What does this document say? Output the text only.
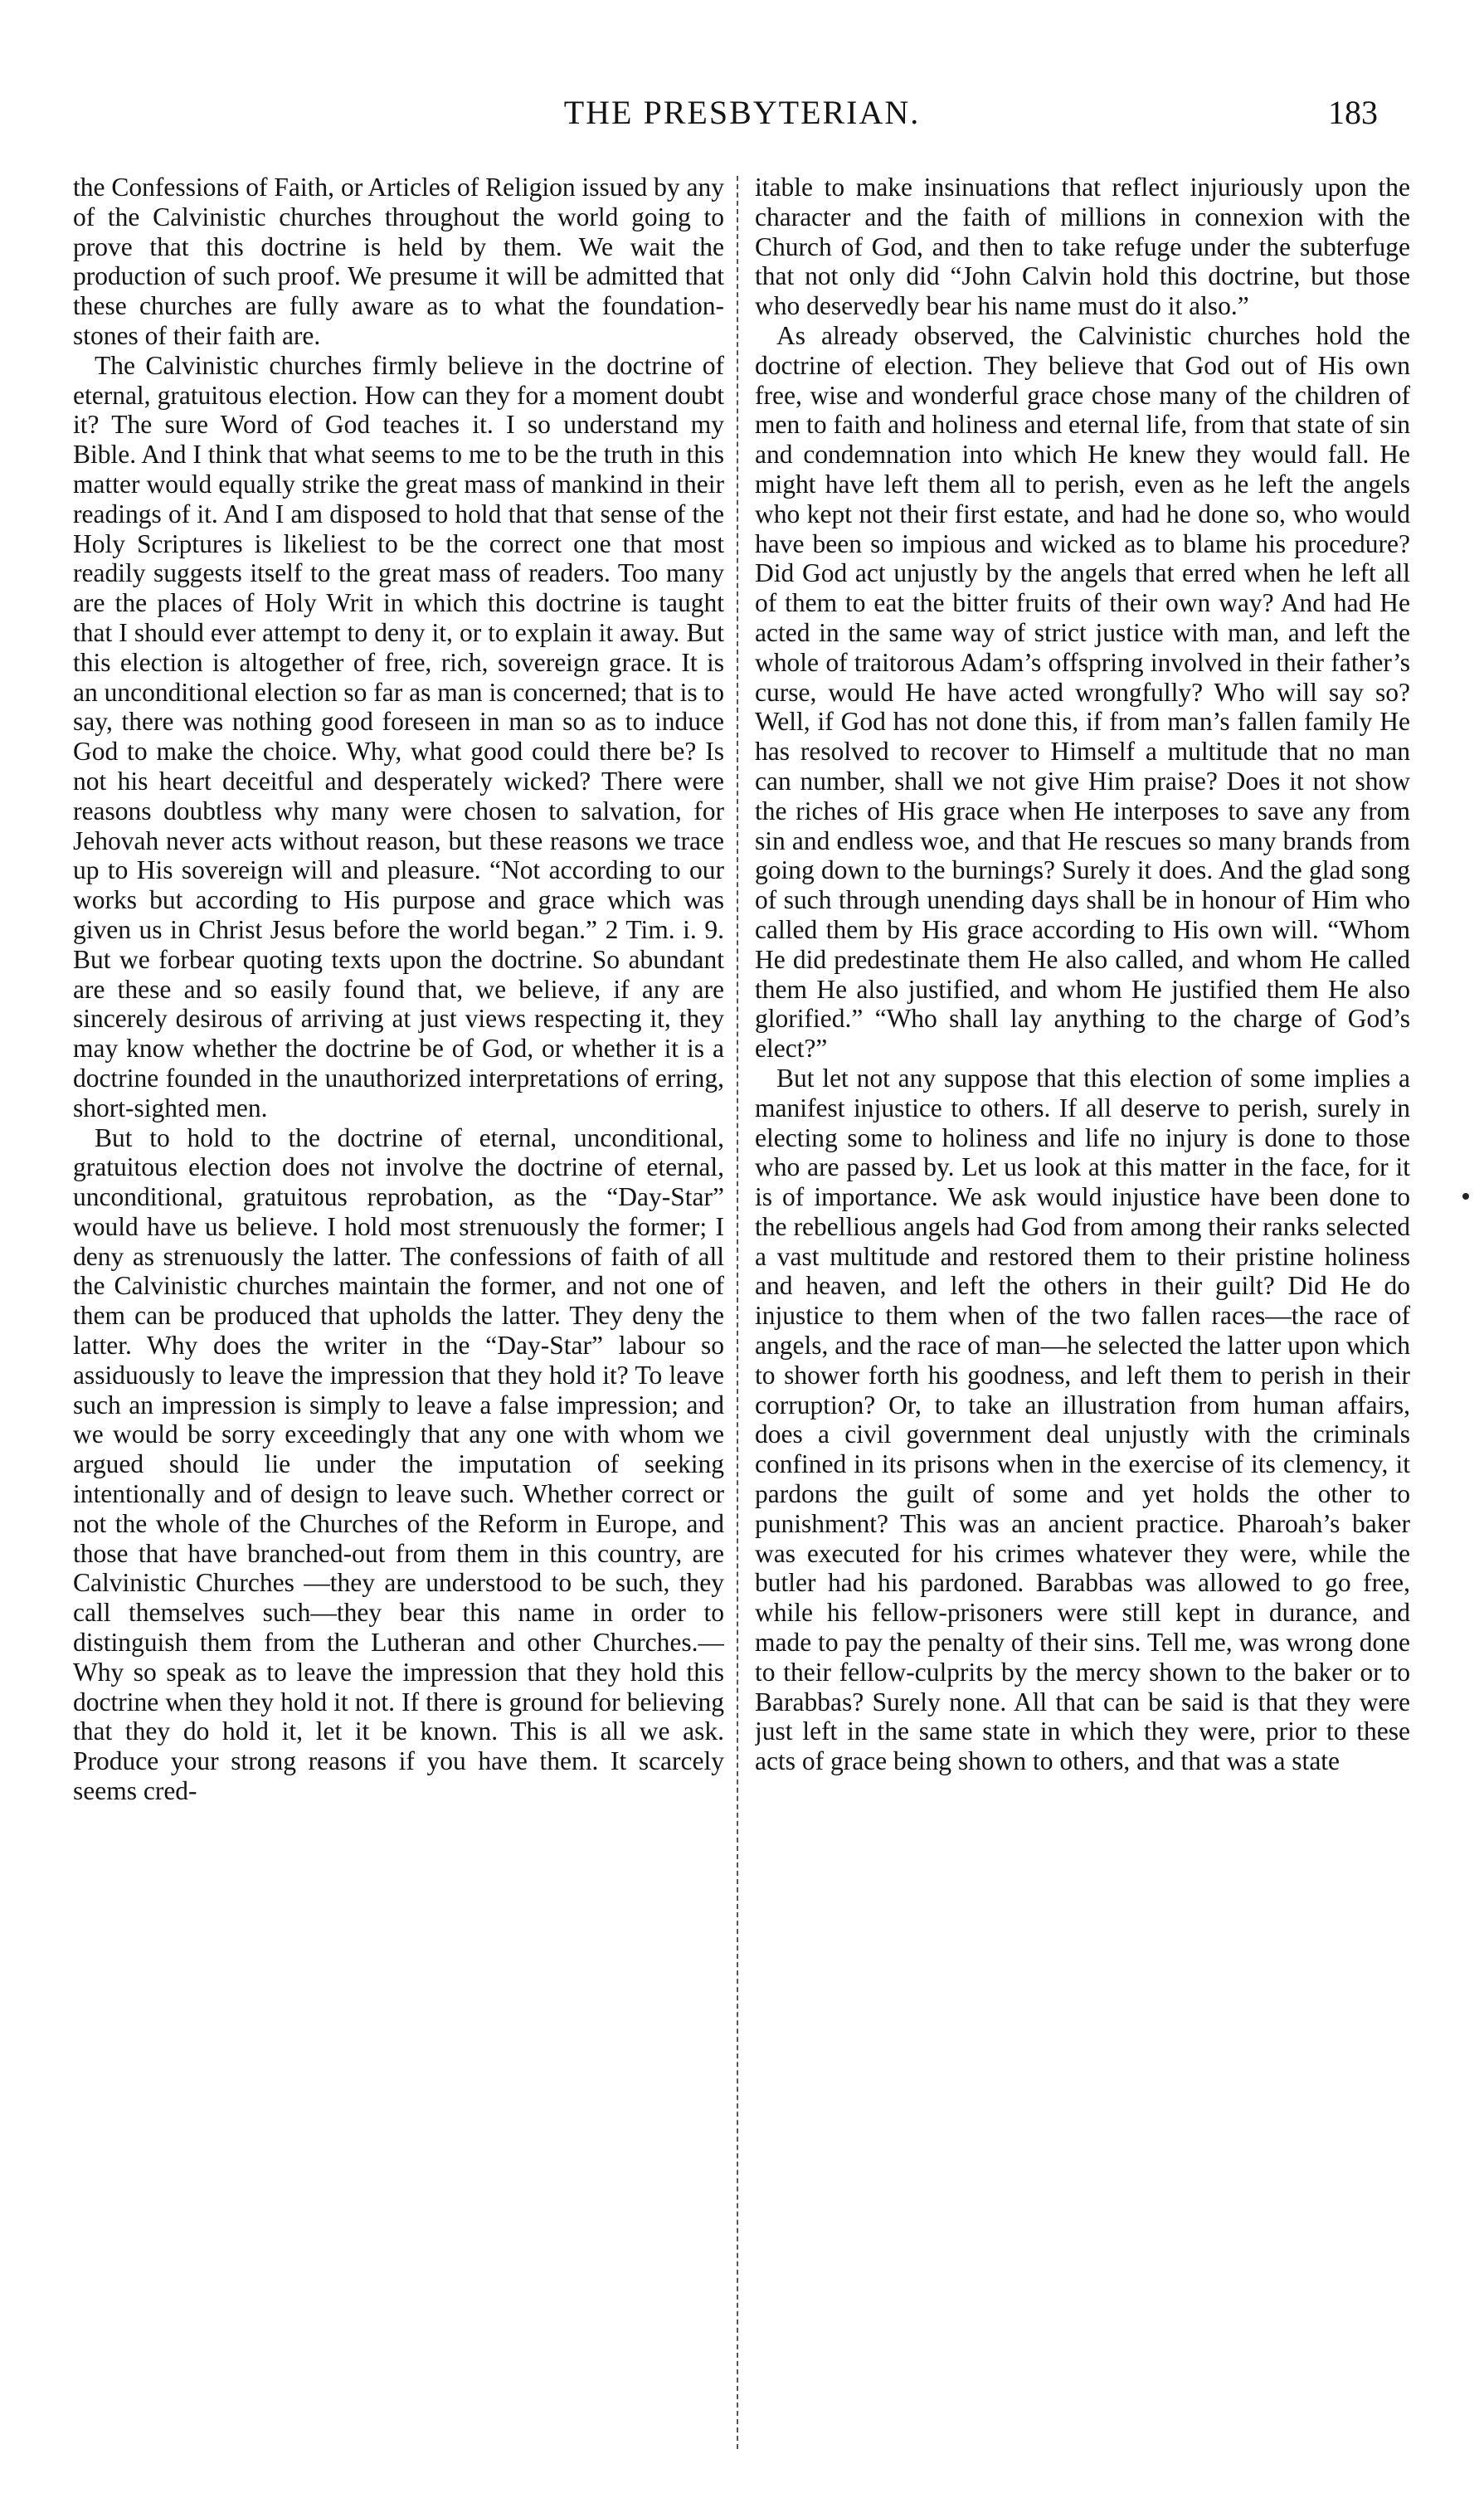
THE PRESBYTERIAN.	183

the Confessions of Faith, or Articles of Religion issued by any of the Calvinistic churches throughout the world going to prove that this doctrine is held by them. We wait the production of such proof. We presume it will be admitted that these churches are fully aware as to what the foundation-stones of their faith are.

The Calvinistic churches firmly believe in the doctrine of eternal, gratuitous election. How can they for a moment doubt it? The sure Word of God teaches it. I so understand my Bible. And I think that what seems to me to be the truth in this matter would equally strike the great mass of mankind in their readings of it. And I am disposed to hold that that sense of the Holy Scriptures is likeliest to be the correct one that most readily suggests itself to the great mass of readers. Too many are the places of Holy Writ in which this doctrine is taught that I should ever attempt to deny it, or to explain it away. But this election is altogether of free, rich, sovereign grace. It is an unconditional election so far as man is concerned; that is to say, there was nothing good foreseen in man so as to induce God to make the choice. Why, what good could there be? Is not his heart deceitful and desperately wicked? There were reasons doubtless why many were chosen to salvation, for Jehovah never acts without reason, but these reasons we trace up to His sovereign will and pleasure. “Not according to our works but according to His purpose and grace which was given us in Christ Jesus before the world began.” 2 Tim. i. 9. But we forbear quoting texts upon the doctrine. So abundant are these and so easily found that, we believe, if any are sincerely desirous of arriving at just views respecting it, they may know whether the doctrine be of God, or whether it is a doctrine founded in the unauthorized interpretations of erring, short-sighted men.

But to hold to the doctrine of eternal, unconditional, gratuitous election does not involve the doctrine of eternal, unconditional, gratuitous reprobation, as the “Day-Star” would have us believe. I hold most strenuously the former; I deny as strenuously the latter. The confessions of faith of all the Calvinistic churches maintain the former, and not one of them can be produced that upholds the latter. They deny the latter. Why does the writer in the “Day-Star” labour so assiduously to leave the impression that they hold it? To leave such an impression is simply to leave a false impression; and we would be sorry exceedingly that any one with whom we argued should lie under the imputation of seeking intentionally and of design to leave such. Whether correct or not the whole of the Churches of the Reform in Europe, and those that have branched-out from them in this country, are Calvinistic Churches —they are understood to be such, they call themselves such—they bear this name in order to distinguish them from the Lutheran and other Churches.—Why so speak as to leave the impression that they hold this doctrine when they hold it not. If there is ground for believing that they do hold it, let it be known. This is all we ask. Produce your strong reasons if you have them. It scarcely seems cred-

itable to make insinuations that reflect injuriously upon the character and the faith of millions in connexion with the Church of God, and then to take refuge under the subterfuge that not only did “John Calvin hold this doctrine, but those who deservedly bear his name must do it also.”

As already observed, the Calvinistic churches hold the doctrine of election. They believe that God out of His own free, wise and wonderful grace chose many of the children of men to faith and holiness and eternal life, from that state of sin and condemnation into which He knew they would fall. He might have left them all to perish, even as he left the angels who kept not their first estate, and had he done so, who would have been so impious and wicked as to blame his procedure? Did God act unjustly by the angels that erred when he left all of them to eat the bitter fruits of their own way? And had He acted in the same way of strict justice with man, and left the whole of traitorous Adam’s offspring involved in their father’s curse, would He have acted wrongfully? Who will say so? Well, if God has not done this, if from man’s fallen family He has resolved to recover to Himself a multitude that no man can number, shall we not give Him praise? Does it not show the riches of His grace when He interposes to save any from sin and endless woe, and that He rescues so many brands from going down to the burnings? Surely it does. And the glad song of such through unending days shall be in honour of Him who called them by His grace according to His own will. “Whom He did predestinate them He also called, and whom He called them He also justified, and whom He justified them He also glorified.” “Who shall lay anything to the charge of God’s elect?”

But let not any suppose that this election of some implies a manifest injustice to others. If all deserve to perish, surely in electing some to holiness and life no injury is done to those who are passed by. Let us look at this matter in the face, for it is of importance. We ask would injustice have been done to the rebellious angels had God from among their ranks selected a vast multitude and restored them to their pristine holiness and heaven, and left the others in their guilt? Did He do injustice to them when of the two fallen races—the race of angels, and the race of man—he selected the latter upon which to shower forth his goodness, and left them to perish in their corruption? Or, to take an illustration from human affairs, does a civil government deal unjustly with the criminals confined in its prisons when in the exercise of its clemency, it pardons the guilt of some and yet holds the other to punishment? This was an ancient practice. Pharoah’s baker was executed for his crimes whatever they were, while the butler had his pardoned. Barabbas was allowed to go free, while his fellow-prisoners were still kept in durance, and made to pay the penalty of their sins. Tell me, was wrong done to their fellow-culprits by the mercy shown to the baker or to Barabbas? Surely none. All that can be said is that they were just left in the same state in which they were, prior to these acts of grace being shown to others, and that was a state
